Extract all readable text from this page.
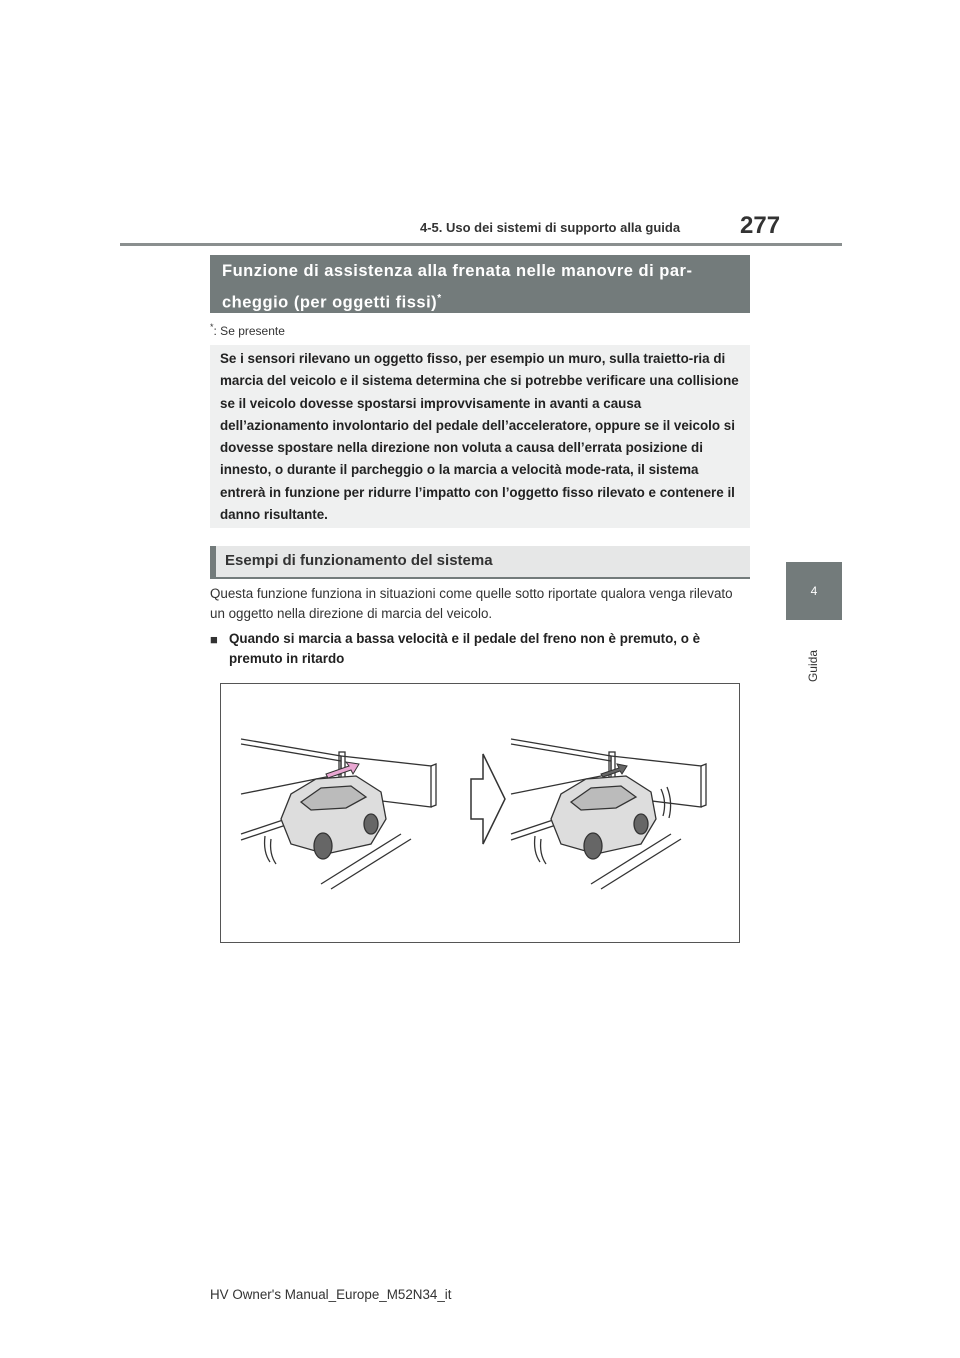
4-5. Uso dei sistemi di supporto alla guida 277
4
Guida
Funzione di assistenza alla frenata nelle manovre di par-cheggio (per oggetti fissi)*
*: Se presente
Se i sensori rilevano un oggetto fisso, per esempio un muro, sulla traietto-ria di marcia del veicolo e il sistema determina che si potrebbe verificare una collisione se il veicolo dovesse spostarsi improvvisamente in avanti a causa dell’azionamento involontario del pedale dell’acceleratore, oppure se il veicolo si dovesse spostare nella direzione non voluta a causa dell’errata posizione di innesto, o durante il parcheggio o la marcia a velocità mode-rata, il sistema entrerà in funzione per ridurre l’impatto con l’oggetto fisso rilevato e contenere il danno risultante.
Esempi di funzionamento del sistema
Questa funzione funziona in situazioni come quelle sotto riportate qualora venga rilevato un oggetto nella direzione di marcia del veicolo.
■ Quando si marcia a bassa velocità e il pedale del freno non è premuto, o è premuto in ritardo
HV Owner's Manual_Europe_M52N34_it
